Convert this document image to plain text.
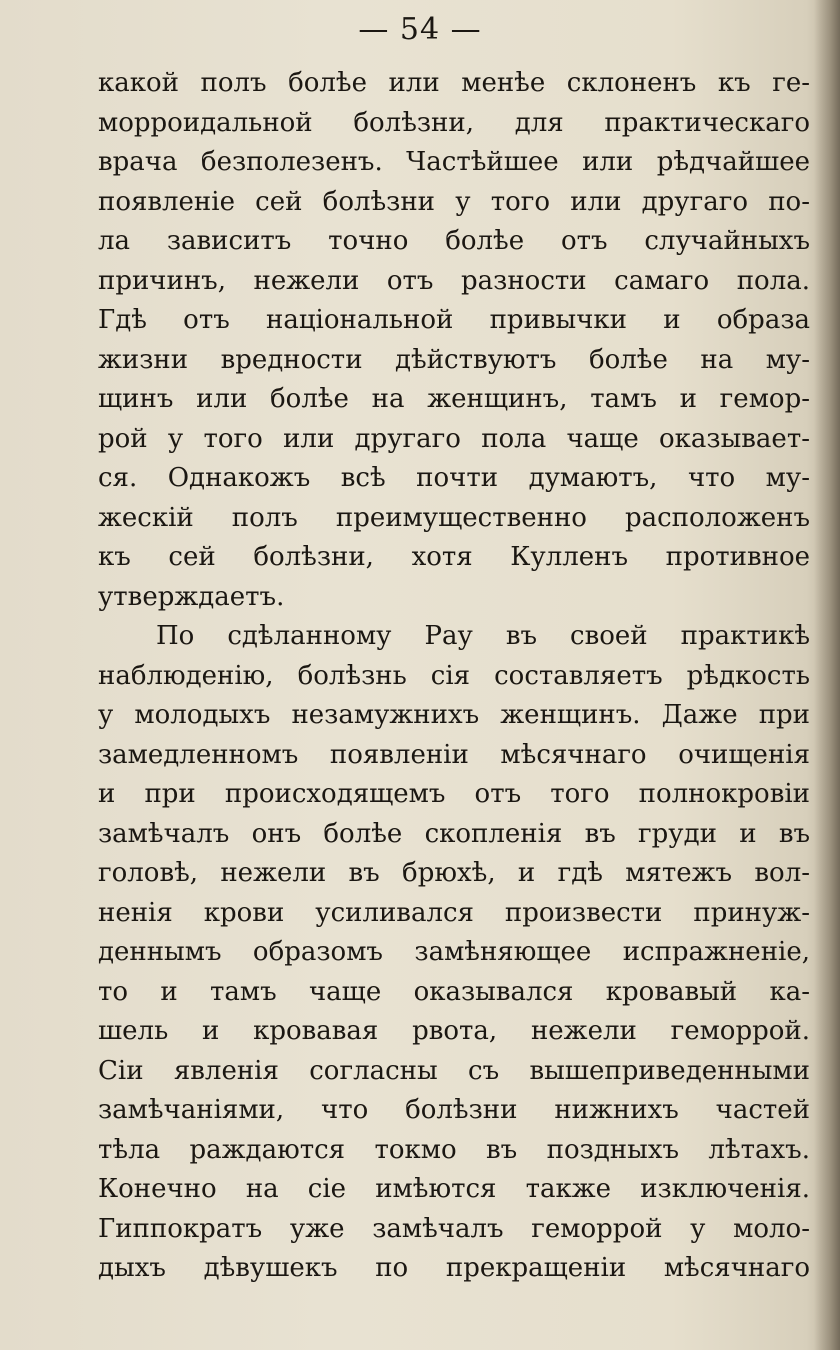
— 54 —
какой полъ болѣе или менѣе склоненъ къ ге-
морроидальной болѣзни, для практическаго
врача безполезенъ. Частѣйшее или рѣдчайшее
появленіе сей болѣзни у того или другаго по-
ла зависитъ точно болѣе отъ случайныхъ
причинъ, нежели отъ разности самаго пола.
Гдѣ отъ національной привычки и образа
жизни вредности дѣйствуютъ болѣе на му-
щинъ или болѣе на женщинъ, тамъ и гемор-
рой у того или другаго пола чаще оказывает-
ся. Однакожъ всѣ почти думаютъ, что му-
жескій полъ преимущественно расположенъ
къ сей болѣзни, хотя Кулленъ противное
утверждаетъ.
По сдѣланному Рау въ своей практикѣ
наблюденію, болѣзнь сія составляетъ рѣдкость
у молодыхъ незамужнихъ женщинъ. Даже при
замедленномъ появленіи мѣсячнаго очищенія
и при происходящемъ отъ того полнокровіи
замѣчалъ онъ болѣе скопленія въ груди и въ
головѣ, нежели въ брюхѣ, и гдѣ мятежъ вол-
ненія крови усиливался произвести принуж-
деннымъ образомъ замѣняющее испражненіе,
то и тамъ чаще оказывался кровавый ка-
шель и кровавая рвота, нежели геморрой.
Сіи явленія согласны съ вышеприведенными
замѣчаніями, что болѣзни нижнихъ частей
тѣла раждаются токмо въ поздныхъ лѣтахъ.
Конечно на сіе имѣются также изключенія.
Гиппократъ уже замѣчалъ геморрой у моло-
дыхъ дѣвушекъ по прекращеніи мѣсячнаго
